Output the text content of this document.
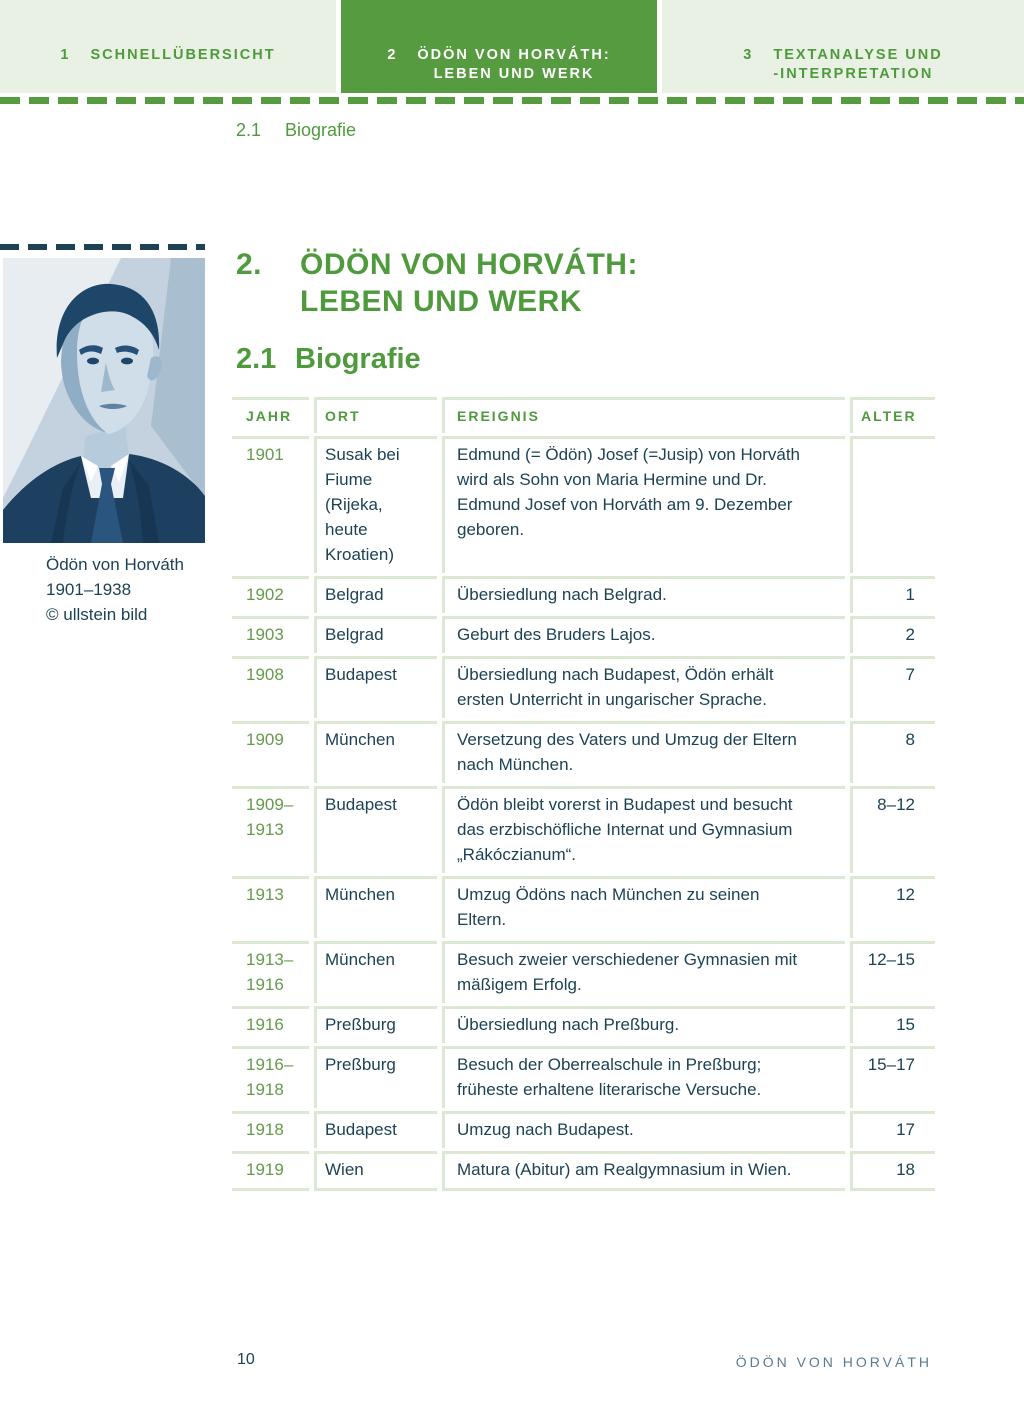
1 SCHNELLÜBERSICHT	2 ÖDÖN VON HORVÁTH:
LEBEN UND WERK
3 TEXTANALYSE UND
-INTERPRETATION
2.1 Biografie
Ödön von Horváth
1901–1938
© ullstein bild
2.	ÖDÖN VON HORVÁTH:
LEBEN UND WERK
2.1 Biografie
JAHR	ORT	EREIGNIS	ALTER
1901	Susak bei Fiume (Rijeka, heute Kroatien)	Edmund (= Ödön) Josef (=Jusip) von Horváth wird als Sohn von Maria Hermine und Dr. Edmund Josef von Horváth am 9. Dezember geboren.	
1902	Belgrad	Übersiedlung nach Belgrad.	1
1903	Belgrad	Geburt des Bruders Lajos.	2
1908	Budapest	Übersiedlung nach Budapest, Ödön erhält ersten Unterricht in ungarischer Sprache.	7
1909	München	Versetzung des Vaters und Umzug der Eltern nach München.	8
1909–1913	Budapest	Ödön bleibt vorerst in Budapest und besucht das erzbischöfliche Internat und Gymnasium „Rákóczianum“.	8–12
1913	München	Umzug Ödöns nach München zu seinen Eltern.	12
1913–1916	München	Besuch zweier verschiedener Gymnasien mit mäßigem Erfolg.	12–15
1916	Preßburg	Übersiedlung nach Preßburg.	15
1916–1918	Preßburg	Besuch der Oberrealschule in Preßburg; früheste erhaltene literarische Versuche.	15–17
1918	Budapest	Umzug nach Budapest.	17
1919	Wien	Matura (Abitur) am Realgymnasium in Wien.	18
10	ÖDÖN VON HORVÁTH
